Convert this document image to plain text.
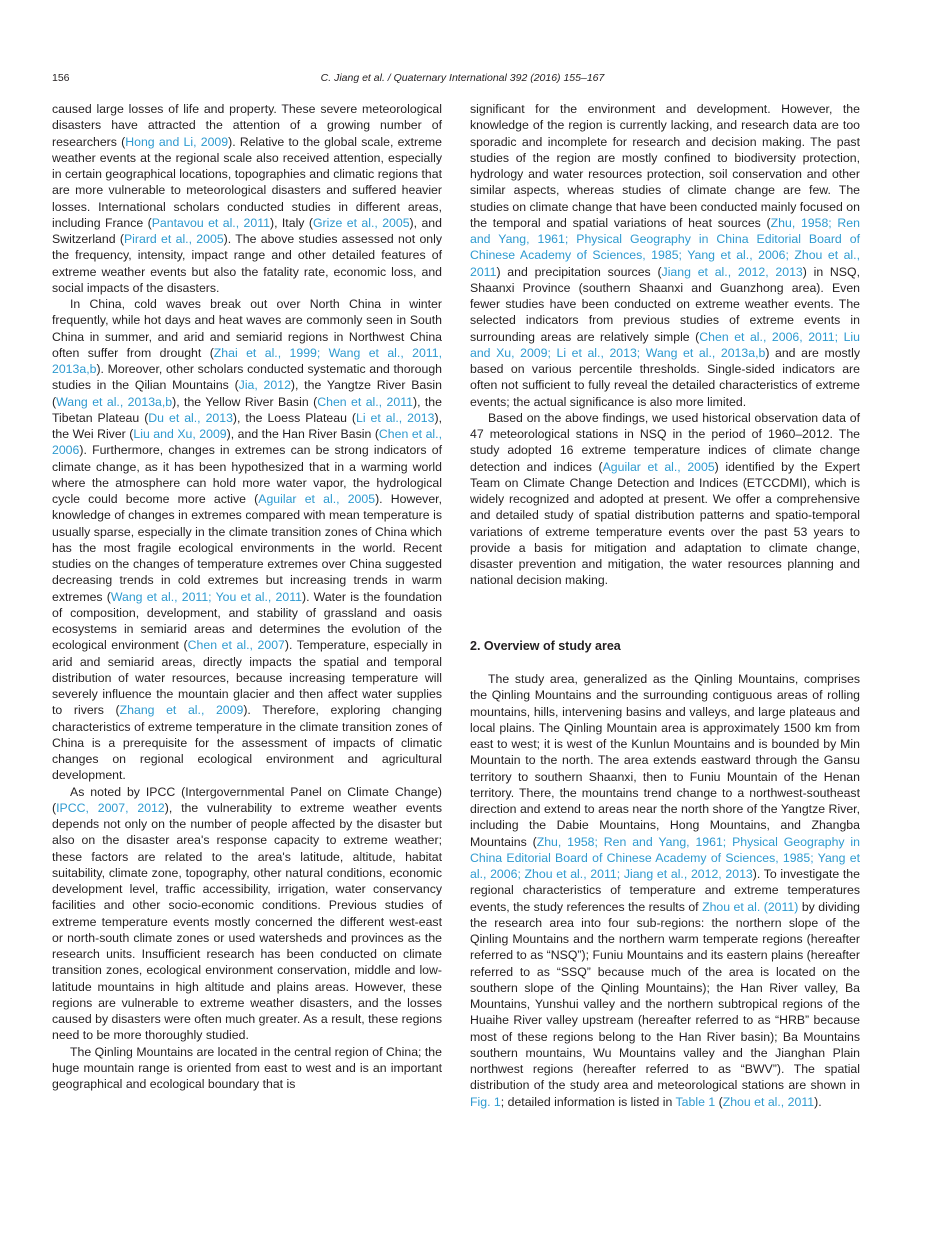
156	C. Jiang et al. / Quaternary International 392 (2016) 155–167

caused large losses of life and property. These severe meteorological disasters have attracted the attention of a growing number of researchers (Hong and Li, 2009). Relative to the global scale, extreme weather events at the regional scale also received attention, especially in certain geographical locations, topographies and climatic regions that are more vulnerable to meteorological disasters and suffered heavier losses. International scholars conducted studies in different areas, including France (Pantavou et al., 2011), Italy (Grize et al., 2005), and Switzerland (Pirard et al., 2005). The above studies assessed not only the frequency, intensity, impact range and other detailed features of extreme weather events but also the fatality rate, economic loss, and social impacts of the disasters.

In China, cold waves break out over North China in winter frequently, while hot days and heat waves are commonly seen in South China in summer, and arid and semiarid regions in Northwest China often suffer from drought (Zhai et al., 1999; Wang et al., 2011, 2013a,b). Moreover, other scholars conducted systematic and thorough studies in the Qilian Mountains (Jia, 2012), the Yangtze River Basin (Wang et al., 2013a,b), the Yellow River Basin (Chen et al., 2011), the Tibetan Plateau (Du et al., 2013), the Loess Plateau (Li et al., 2013), the Wei River (Liu and Xu, 2009), and the Han River Basin (Chen et al., 2006). Furthermore, changes in extremes can be strong indicators of climate change, as it has been hypothesized that in a warming world where the atmosphere can hold more water vapor, the hydrological cycle could become more active (Aguilar et al., 2005). However, knowledge of changes in extremes compared with mean temperature is usually sparse, especially in the climate transition zones of China which has the most fragile ecological environments in the world. Recent studies on the changes of temperature extremes over China suggested decreasing trends in cold extremes but increasing trends in warm extremes (Wang et al., 2011; You et al., 2011). Water is the foundation of composition, development, and stability of grassland and oasis ecosystems in semiarid areas and determines the evolution of the ecological environment (Chen et al., 2007). Temperature, especially in arid and semiarid areas, directly impacts the spatial and temporal distribution of water resources, because increasing temperature will severely influence the mountain glacier and then affect water supplies to rivers (Zhang et al., 2009). Therefore, exploring changing characteristics of extreme temperature in the climate transition zones of China is a prerequisite for the assessment of impacts of climatic changes on regional ecological environment and agricultural development.

As noted by IPCC (Intergovernmental Panel on Climate Change) (IPCC, 2007, 2012), the vulnerability to extreme weather events depends not only on the number of people affected by the disaster but also on the disaster area's response capacity to extreme weather; these factors are related to the area's latitude, altitude, habitat suitability, climate zone, topography, other natural conditions, economic development level, traffic accessibility, irrigation, water conservancy facilities and other socio-economic conditions. Previous studies of extreme temperature events mostly concerned the different west-east or north-south climate zones or used watersheds and provinces as the research units. Insufficient research has been conducted on climate transition zones, ecological environment conservation, middle and low-latitude mountains in high altitude and plains areas. However, these regions are vulnerable to extreme weather disasters, and the losses caused by disasters were often much greater. As a result, these regions need to be more thoroughly studied.

The Qinling Mountains are located in the central region of China; the huge mountain range is oriented from east to west and is an important geographical and ecological boundary that is

significant for the environment and development. However, the knowledge of the region is currently lacking, and research data are too sporadic and incomplete for research and decision making. The past studies of the region are mostly confined to biodiversity protection, hydrology and water resources protection, soil conservation and other similar aspects, whereas studies of climate change are few. The studies on climate change that have been conducted mainly focused on the temporal and spatial variations of heat sources (Zhu, 1958; Ren and Yang, 1961; Physical Geography in China Editorial Board of Chinese Academy of Sciences, 1985; Yang et al., 2006; Zhou et al., 2011) and precipitation sources (Jiang et al., 2012, 2013) in NSQ, Shaanxi Province (southern Shaanxi and Guanzhong area). Even fewer studies have been conducted on extreme weather events. The selected indicators from previous studies of extreme events in surrounding areas are relatively simple (Chen et al., 2006, 2011; Liu and Xu, 2009; Li et al., 2013; Wang et al., 2013a,b) and are mostly based on various percentile thresholds. Single-sided indicators are often not sufficient to fully reveal the detailed characteristics of extreme events; the actual significance is also more limited.

Based on the above findings, we used historical observation data of 47 meteorological stations in NSQ in the period of 1960–2012. The study adopted 16 extreme temperature indices of climate change detection and indices (Aguilar et al., 2005) identified by the Expert Team on Climate Change Detection and Indices (ETCCDMI), which is widely recognized and adopted at present. We offer a comprehensive and detailed study of spatial distribution patterns and spatio-temporal variations of extreme temperature events over the past 53 years to provide a basis for mitigation and adaptation to climate change, disaster prevention and mitigation, the water resources planning and national decision making.

2. Overview of study area

The study area, generalized as the Qinling Mountains, comprises the Qinling Mountains and the surrounding contiguous areas of rolling mountains, hills, intervening basins and valleys, and large plateaus and local plains. The Qinling Mountain area is approximately 1500 km from east to west; it is west of the Kunlun Mountains and is bounded by Min Mountain to the north. The area extends eastward through the Gansu territory to southern Shaanxi, then to Funiu Mountain of the Henan territory. There, the mountains trend change to a northwest-southeast direction and extend to areas near the north shore of the Yangtze River, including the Dabie Mountains, Hong Mountains, and Zhangba Mountains (Zhu, 1958; Ren and Yang, 1961; Physical Geography in China Editorial Board of Chinese Academy of Sciences, 1985; Yang et al., 2006; Zhou et al., 2011; Jiang et al., 2012, 2013). To investigate the regional characteristics of temperature and extreme temperatures events, the study references the results of Zhou et al. (2011) by dividing the research area into four sub-regions: the northern slope of the Qinling Mountains and the northern warm temperate regions (hereafter referred to as “NSQ”); Funiu Mountains and its eastern plains (hereafter referred to as “SSQ” because much of the area is located on the southern slope of the Qinling Mountains); the Han River valley, Ba Mountains, Yunshui valley and the northern subtropical regions of the Huaihe River valley upstream (hereafter referred to as “HRB” because most of these regions belong to the Han River basin); Ba Mountains southern mountains, Wu Mountains valley and the Jianghan Plain northwest regions (hereafter referred to as “BWV”). The spatial distribution of the study area and meteorological stations are shown in Fig. 1; detailed information is listed in Table 1 (Zhou et al., 2011).
